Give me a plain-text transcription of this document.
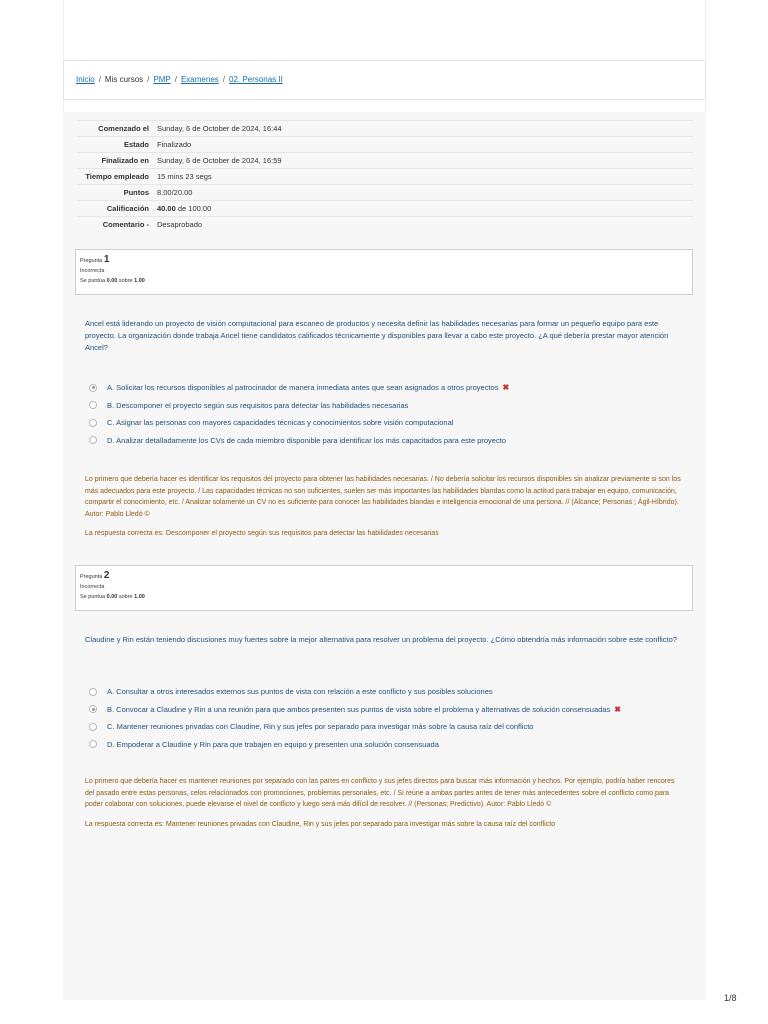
Inicio / Mis cursos / PMP / Examenes / 02. Personas II
Comenzado el	Sunday, 6 de October de 2024, 16:44
Estado	Finalizado
Finalizado en	Sunday, 6 de October de 2024, 16:59
Tiempo empleado	15 mins 23 segs
Puntos	8.00/20.00
Calificación	40.00 de 100.00
Comentario -	Desaprobado
Pregunta 1
Incorrecta
Se puntúa 0.00 sobre 1.00
Ancel está liderando un proyecto de visión computacional para escaneo de productos y necesita definir las habilidades necesarias para formar un pequeño equipo para este proyecto. La organización donde trabaja Ancel tiene candidatos calificados técnicamente y disponibles para llevar a cabo este proyecto. ¿A qué debería prestar mayor atención Ancel?
A. Solicitar los recursos disponibles al patrocinador de manera inmediata antes que sean asignados a otros proyectos ✖
B. Descomponer el proyecto según sus requisitos para detectar las habilidades necesarias
C. Asignar las personas con mayores capacidades técnicas y conocimientos sobre visión computacional
D. Analizar detalladamente los CVs de cada miembro disponible para identificar los más capacitados para este proyecto

Lo primero que debería hacer es identificar los requisitos del proyecto para obtener las habilidades necesarias. / No debería solicitar los recursos disponibles sin analizar previamente si son los más adecuados para este proyecto. / Las capacidades técnicas no son suficientes, suelen ser más importantes las habilidades blandas como la actitud para trabajar en equipo, comunicación, compartir el conocimiento, etc. / Analizar solamente un CV no es suficiente para conocer las habilidades blandas e inteligencia emocional de una persona. // (Alcance; Personas ; Ágil-Híbrido). Autor: Pablo Lledó ©

La respuesta correcta es: Descomponer el proyecto según sus requisitos para detectar las habilidades necesarias

Pregunta 2
Incorrecta
Se puntúa 0.00 sobre 1.00
Claudine y Rin están teniendo discusiones muy fuertes sobre la mejor alternativa para resolver un problema del proyecto. ¿Cómo obtendría más información sobre este conflicto?
A. Consultar a otros interesados externos sus puntos de vista con relación a este conflicto y sus posibles soluciones
B. Convocar a Claudine y Rin a una reunión para que ambos presenten sus puntos de vista sobre el problema y alternativas de solución consensuadas ✖
C. Mantener reuniones privadas con Claudine, Rin y sus jefes por separado para investigar más sobre la causa raíz del conflicto
D. Empoderar a Claudine y Rin para que trabajen en equipo y presenten una solución consensuada

Lo primero que debería hacer es mantener reuniones por separado con las partes en conflicto y sus jefes directos para buscar más información y hechos. Por ejemplo, podría haber rencores del pasado entre estas personas, celos relacionados con promociones, problemas personales, etc. / Si reúne a ambas partes antes de tener más antecedentes sobre el conflicto como para poder colaborar con soluciones, puede elevarse el nivel de conflicto y luego será más difícil de resolver. // (Personas; Predictivo). Autor: Pablo Lledó ©

La respuesta correcta es: Mantener reuniones privadas con Claudine, Rin y sus jefes por separado para investigar más sobre la causa raíz del conflicto

1/8
